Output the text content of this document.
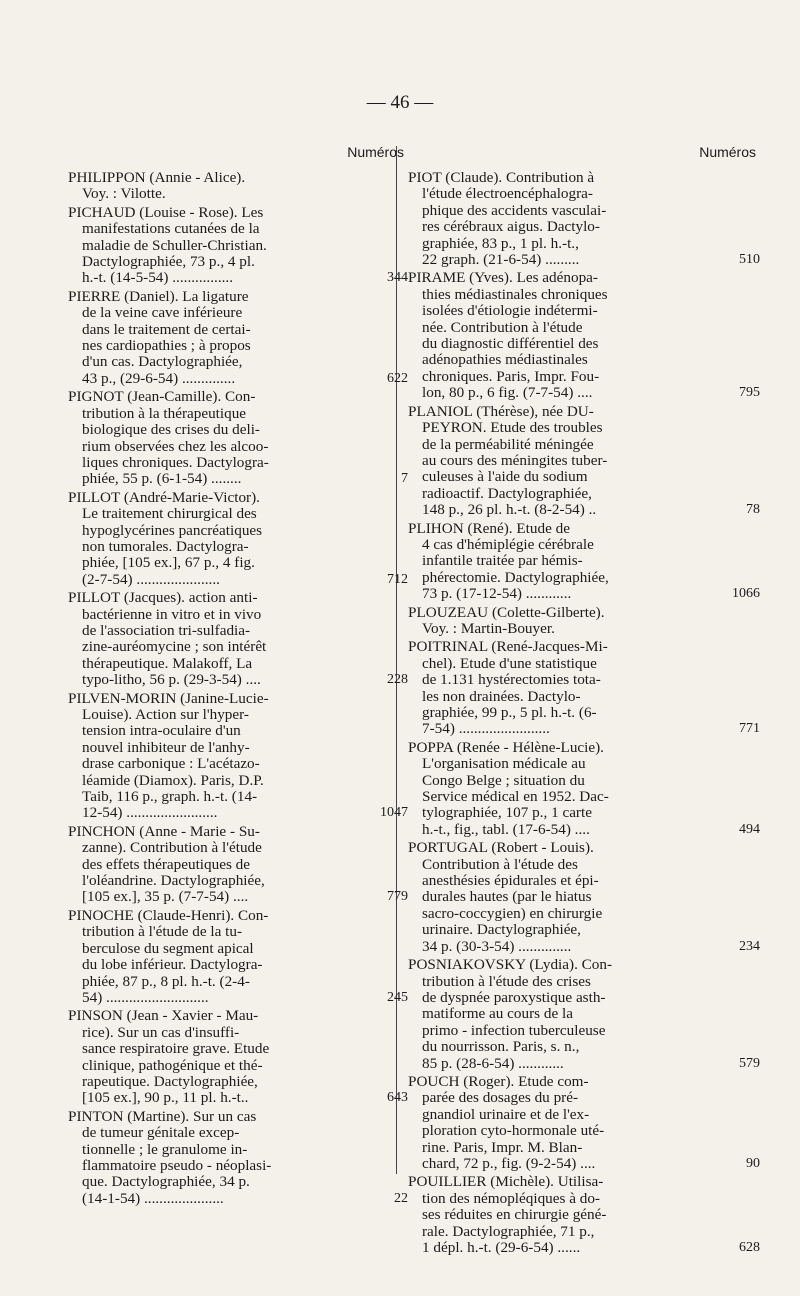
— 46 —
Numéros
PHILIPPON (Annie - Alice).
Voy. : Vilotte.
PICHAUD (Louise - Rose). Les
manifestations cutanées de la
maladie de Schuller-Christian.
Dactylographiée, 73 p., 4 pl.
h.-t. (14-5-54) ................	344
PIERRE (Daniel). La ligature
de la veine cave inférieure
dans le traitement de certai-
nes cardiopathies ; à propos
d'un cas. Dactylographiée,
43 p., (29-6-54) ..............	622
PIGNOT (Jean-Camille). Con-
tribution à la thérapeutique
biologique des crises du deli-
rium observées chez les alcoo-
liques chroniques. Dactylogra-
phiée, 55 p. (6-1-54) ........	7
PILLOT (André-Marie-Victor).
Le traitement chirurgical des
hypoglycérines pancréatiques
non tumorales. Dactylogra-
phiée, [105 ex.], 67 p., 4 fig.
(2-7-54) ......................	712
PILLOT (Jacques). action anti-
bactérienne in vitro et in vivo
de l'association tri-sulfadia-
zine-auréomycine ; son intérêt
thérapeutique. Malakoff, La
typo-litho, 56 p. (29-3-54) ....	228
PILVEN-MORIN (Janine-Lucie-
Louise). Action sur l'hyper-
tension intra-oculaire d'un
nouvel inhibiteur de l'anhy-
drase carbonique : L'acétazo-
léamide (Diamox). Paris, D.P.
Taib, 116 p., graph. h.-t. (14-
12-54) ........................	1047
PINCHON (Anne - Marie - Su-
zanne). Contribution à l'étude
des effets thérapeutiques de
l'oléandrine. Dactylographiée,
[105 ex.], 35 p. (7-7-54) ....	779
PINOCHE (Claude-Henri). Con-
tribution à l'étude de la tu-
berculose du segment apical
du lobe inférieur. Dactylogra-
phiée, 87 p., 8 pl. h.-t. (2-4-
54) ...........................	245
PINSON (Jean - Xavier - Mau-
rice). Sur un cas d'insuffi-
sance respiratoire grave. Etude
clinique, pathogénique et thé-
rapeutique. Dactylographiée,
[105 ex.], 90 p., 11 pl. h.-t..	643
PINTON (Martine). Sur un cas
de tumeur génitale excep-
tionnelle ; le granulome in-
flammatoire pseudo - néoplasi-
que. Dactylographiée, 34 p.
(14-1-54) .....................	22
Numéros
PIOT (Claude). Contribution à
l'étude électroencéphalogra-
phique des accidents vasculai-
res cérébraux aigus. Dactylo-
graphiée, 83 p., 1 pl. h.-t.,
22 graph. (21-6-54) .........	510
PIRAME (Yves). Les adénopa-
thies médiastinales chroniques
isolées d'étiologie indétermi-
née. Contribution à l'étude
du diagnostic différentiel des
adénopathies médiastinales
chroniques. Paris, Impr. Fou-
lon, 80 p., 6 fig. (7-7-54) ....	795
PLANIOL (Thérèse), née DU-
PEYRON. Etude des troubles
de la perméabilité méningée
au cours des méningites tuber-
culeuses à l'aide du sodium
radioactif. Dactylographiée,
148 p., 26 pl. h.-t. (8-2-54) ..	78
PLIHON (René). Etude de
4 cas d'hémiplégie cérébrale
infantile traitée par hémis-
phérectomie. Dactylographiée,
73 p. (17-12-54) ............	1066
PLOUZEAU (Colette-Gilberte).
Voy. : Martin-Bouyer.
POITRINAL (René-Jacques-Mi-
chel). Etude d'une statistique
de 1.131 hystérectomies tota-
les non drainées. Dactylo-
graphiée, 99 p., 5 pl. h.-t. (6-
7-54) ........................	771
POPPA (Renée - Hélène-Lucie).
L'organisation médicale au
Congo Belge ; situation du
Service médical en 1952. Dac-
tylographiée, 107 p., 1 carte
h.-t., fig., tabl. (17-6-54) ....	494
PORTUGAL (Robert - Louis).
Contribution à l'étude des
anesthésies épidurales et épi-
durales hautes (par le hiatus
sacro-coccygien) en chirurgie
urinaire. Dactylographiée,
34 p. (30-3-54) ..............	234
POSNIAKOVSKY (Lydia). Con-
tribution à l'étude des crises
de dyspnée paroxystique asth-
matiforme au cours de la
primo - infection tuberculeuse
du nourrisson. Paris, s. n.,
85 p. (28-6-54) ............	579
POUCH (Roger). Etude com-
parée des dosages du pré-
gnandiol urinaire et de l'ex-
ploration cyto-hormonale uté-
rine. Paris, Impr. M. Blan-
chard, 72 p., fig. (9-2-54) ....	90
POUILLIER (Michèle). Utilisa-
tion des némopléqiques à do-
ses réduites en chirurgie géné-
rale. Dactylographiée, 71 p.,
1 dépl. h.-t. (29-6-54) ......	628
